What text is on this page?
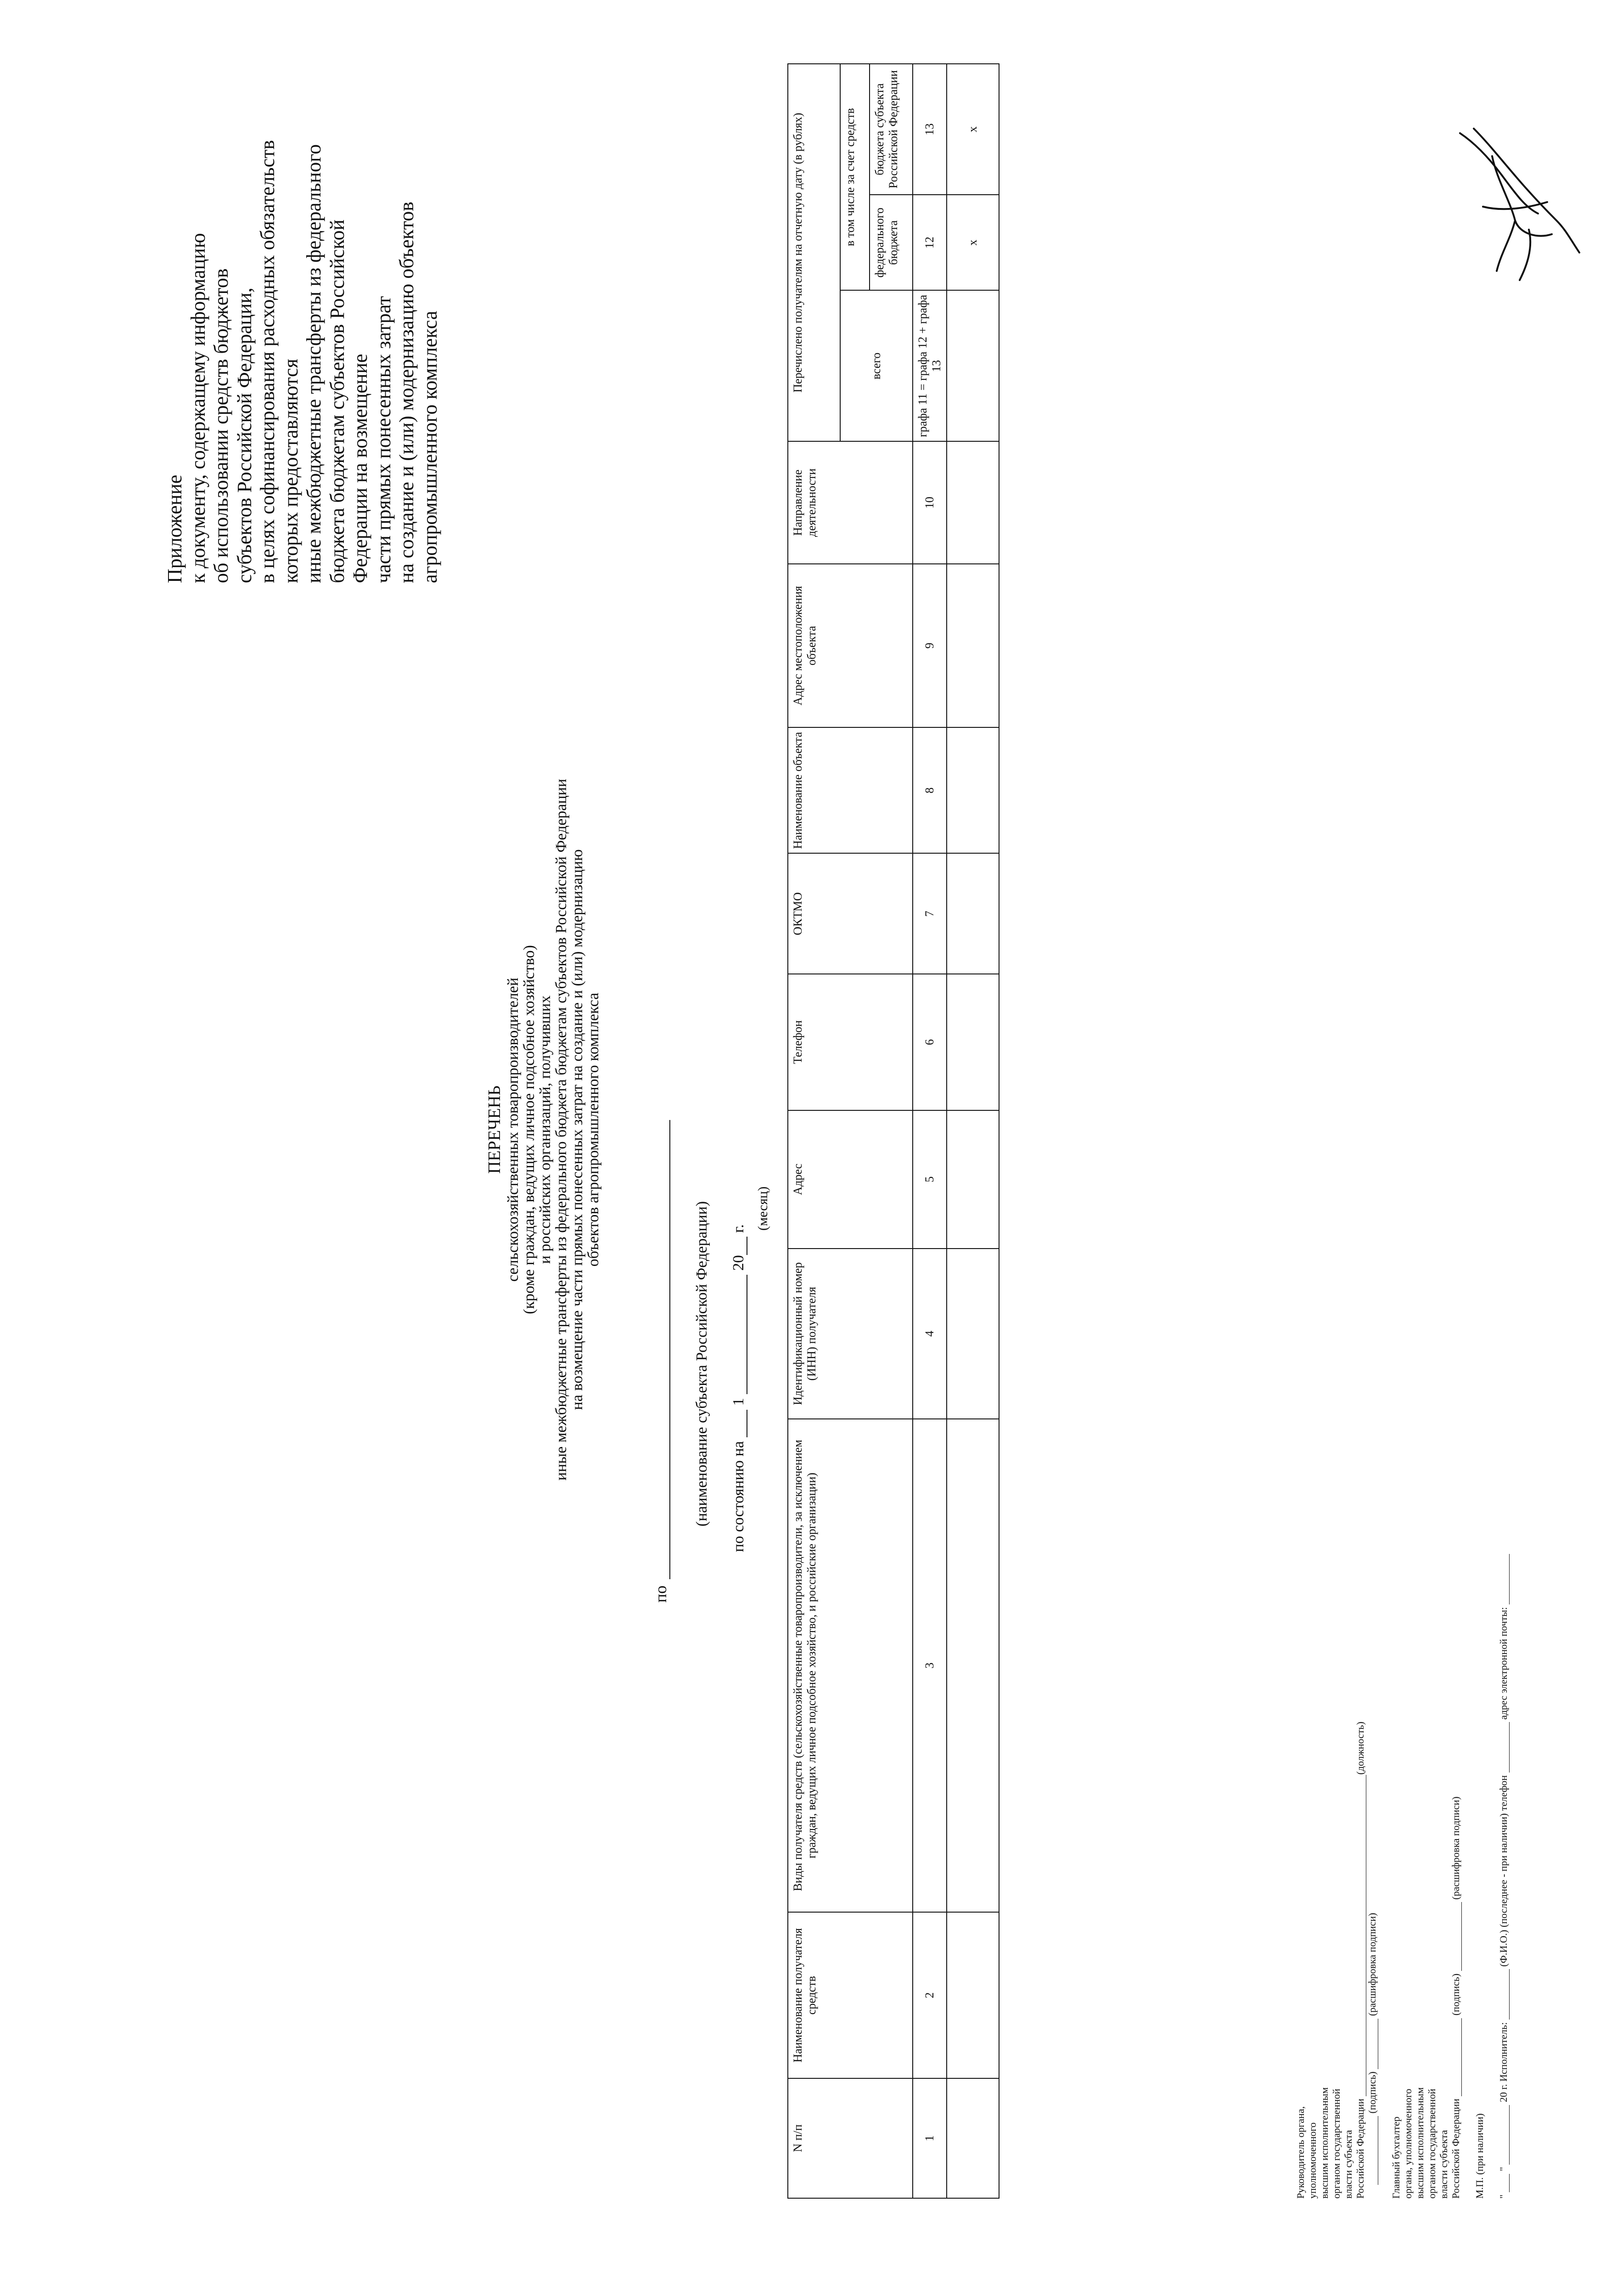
Приложение к документу, содержащему информацию об использовании средств бюджетов субъектов Российской Федерации, в целях софинансирования расходных обязательств которых предоставляются иные межбюджетные трансферты из федерального бюджета бюджетам субъектов Российской Федерации на возмещение части прямых понесенных затрат на создание и (или) модернизацию объектов агропромышленного комплекса
ПЕРЕЧЕНЬ сельскохозяйственных товаропроизводителей
(кроме граждан, ведущих личное подсобное хозяйство)
и российских организаций, получивших
иные межбюджетные трансферты из федерального бюджета бюджетам субъектов Российской Федерации
на возмещение части прямых понесенных затрат на создание и (или) модернизацию
объектов агропромышленного комплекса
по
(наименование субъекта Российской Федерации) по состоянию на  1  20 г. (месяц)
N п/п	Наименование получателя средств	Виды получателя средств (сельскохозяйственные товаропроизводители, за исключением граждан, ведущих личное подсобное хозяйство, и российские организации)	Идентификационный номер (ИНН) получателя	Адрес	Телефон	ОКТМО	Наименование объекта	Адрес местоположения объекта	Направление деятельности	Перечислено получателям на отчетную дату (в рублях)		
										всего	в том числе за счет средств	
											федерального бюджета	бюджета субъекта Российской Федерации
1	2	3	4	5	6	7	8	9	10	графа 11 = графа 12 + графа 13	12	13
											x	x
Руководитель органа, уполномоченного высшим исполнительным органом государственной власти субъекта Российской Федерации (должность)
(подпись)  (расшифровка подписи)
Главный бухгалтер органа, уполномоченного высшим исполнительным органом государственной власти субъекта Российской Федерации  (подпись)  (расшифровка подписи)
М.П. (при наличии) "  "  20 г. Исполнитель:  (Ф.И.О.) (последнее - при наличии) телефон  адрес электронной почты:
